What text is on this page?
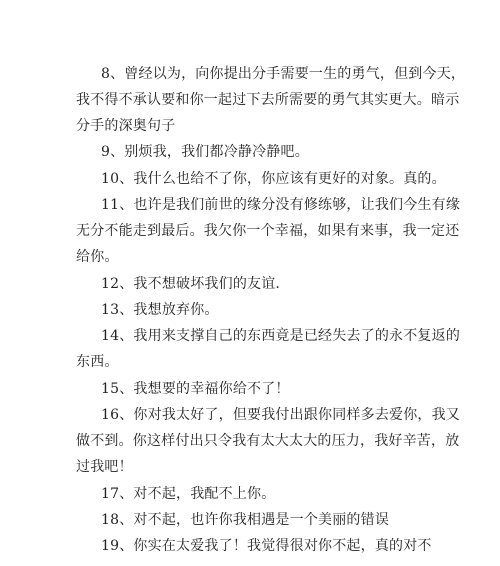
8、曾经以为，向你提出分手需要一生的勇气，但到今天，
我不得不承认要和你一起过下去所需要的勇气其实更大。暗示
分手的深奥句子
9、别烦我，我们都冷静冷静吧。
10、我什么也给不了你，你应该有更好的对象。真的。
11、也许是我们前世的缘分没有修练够，让我们今生有缘
无分不能走到最后。我欠你一个幸福，如果有来事，我一定还
给你。
12、我不想破坏我们的友谊.
13、我想放弃你。
14、我用来支撑自己的东西竟是已经失去了的永不复返的
东西。
15、我想要的幸福你给不了！
16、你对我太好了，但要我付出跟你同样多去爱你，我又
做不到。你这样付出只令我有太大太大的压力，我好辛苦，放
过我吧！
17、对不起，我配不上你。
18、对不起，也许你我相遇是一个美丽的错误
19、你实在太爱我了！我觉得很对你不起，真的对不
